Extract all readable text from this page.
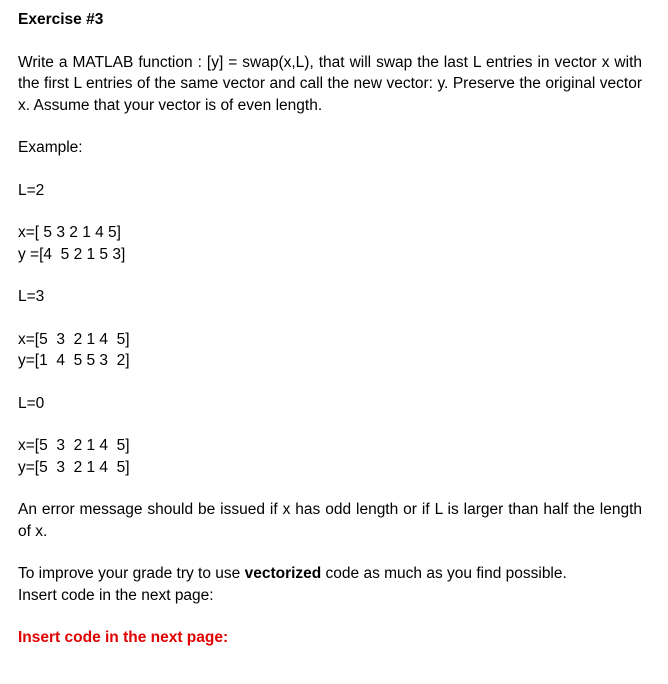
Exercise #3

Write a MATLAB function : [y] = swap(x,L), that will swap the last L entries in vector x with the first L entries of the same vector and call the new vector: y. Preserve the original vector x. Assume that your vector is of even length.

Example:

L=2

x=[ 5 3 2 1 4 5]

y =[4  5 2 1 5 3]

L=3

x=[5  3  2 1 4  5]

y=[1  4  5 5 3  2]

L=0

x=[5  3  2 1 4  5]

y=[5  3  2 1 4  5]

An error message should be issued if x has odd length or if L is larger than half the length of x.

To improve your grade try to use vectorized code as much as you find possible.

Insert code in the next page:

Insert code in the next page:
